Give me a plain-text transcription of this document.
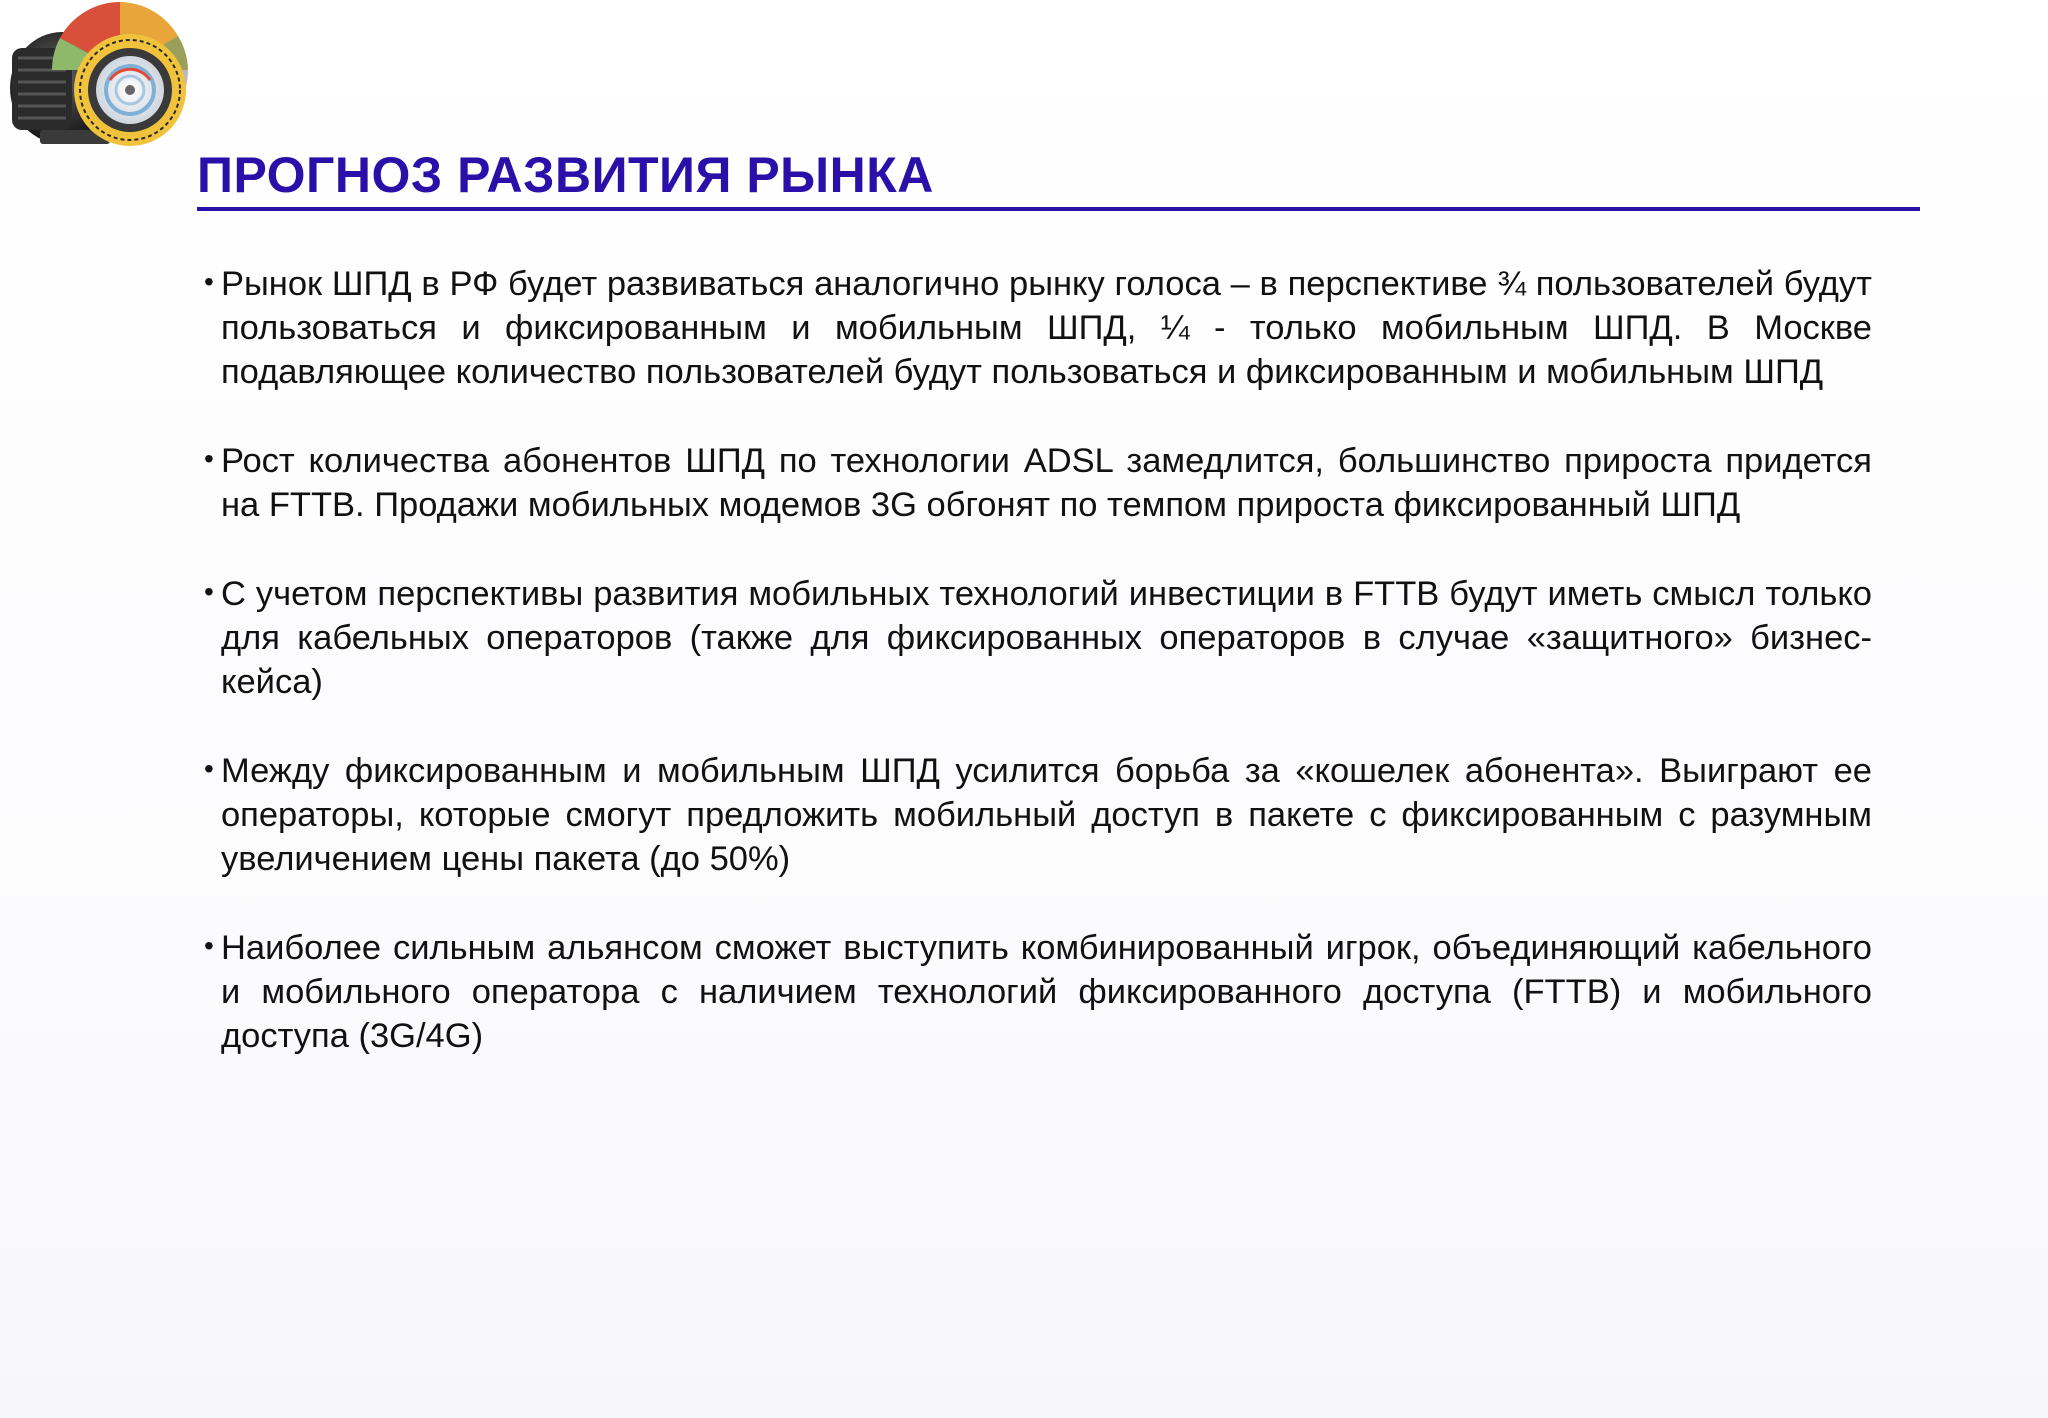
ПРОГНОЗ РАЗВИТИЯ РЫНКА
• Рынок ШПД в РФ будет развиваться аналогично рынку голоса – в перспективе ¾ пользователей будут пользоваться и фиксированным и мобильным ШПД, ¼ - только мобильным ШПД. В Москве подавляющее количество пользователей будут пользоваться и фиксированным и мобильным ШПД
• Рост количества абонентов ШПД по технологии ADSL замедлится, большинство прироста придется на FTTB. Продажи мобильных модемов 3G обгонят по темпом прироста фиксированный ШПД
• С учетом перспективы развития мобильных технологий инвестиции в FTTB будут иметь смысл только для кабельных операторов (также для фиксированных операторов в случае «защитного» бизнес-кейса)
• Между фиксированным и мобильным ШПД усилится борьба за «кошелек абонента». Выиграют ее операторы, которые смогут предложить мобильный доступ в пакете с фиксированным с разумным увеличением цены пакета (до 50%)
• Наиболее сильным альянсом сможет выступить комбинированный игрок, объединяющий кабельного и мобильного оператора с наличием технологий фиксированного доступа (FTTB) и мобильного доступа (3G/4G)
